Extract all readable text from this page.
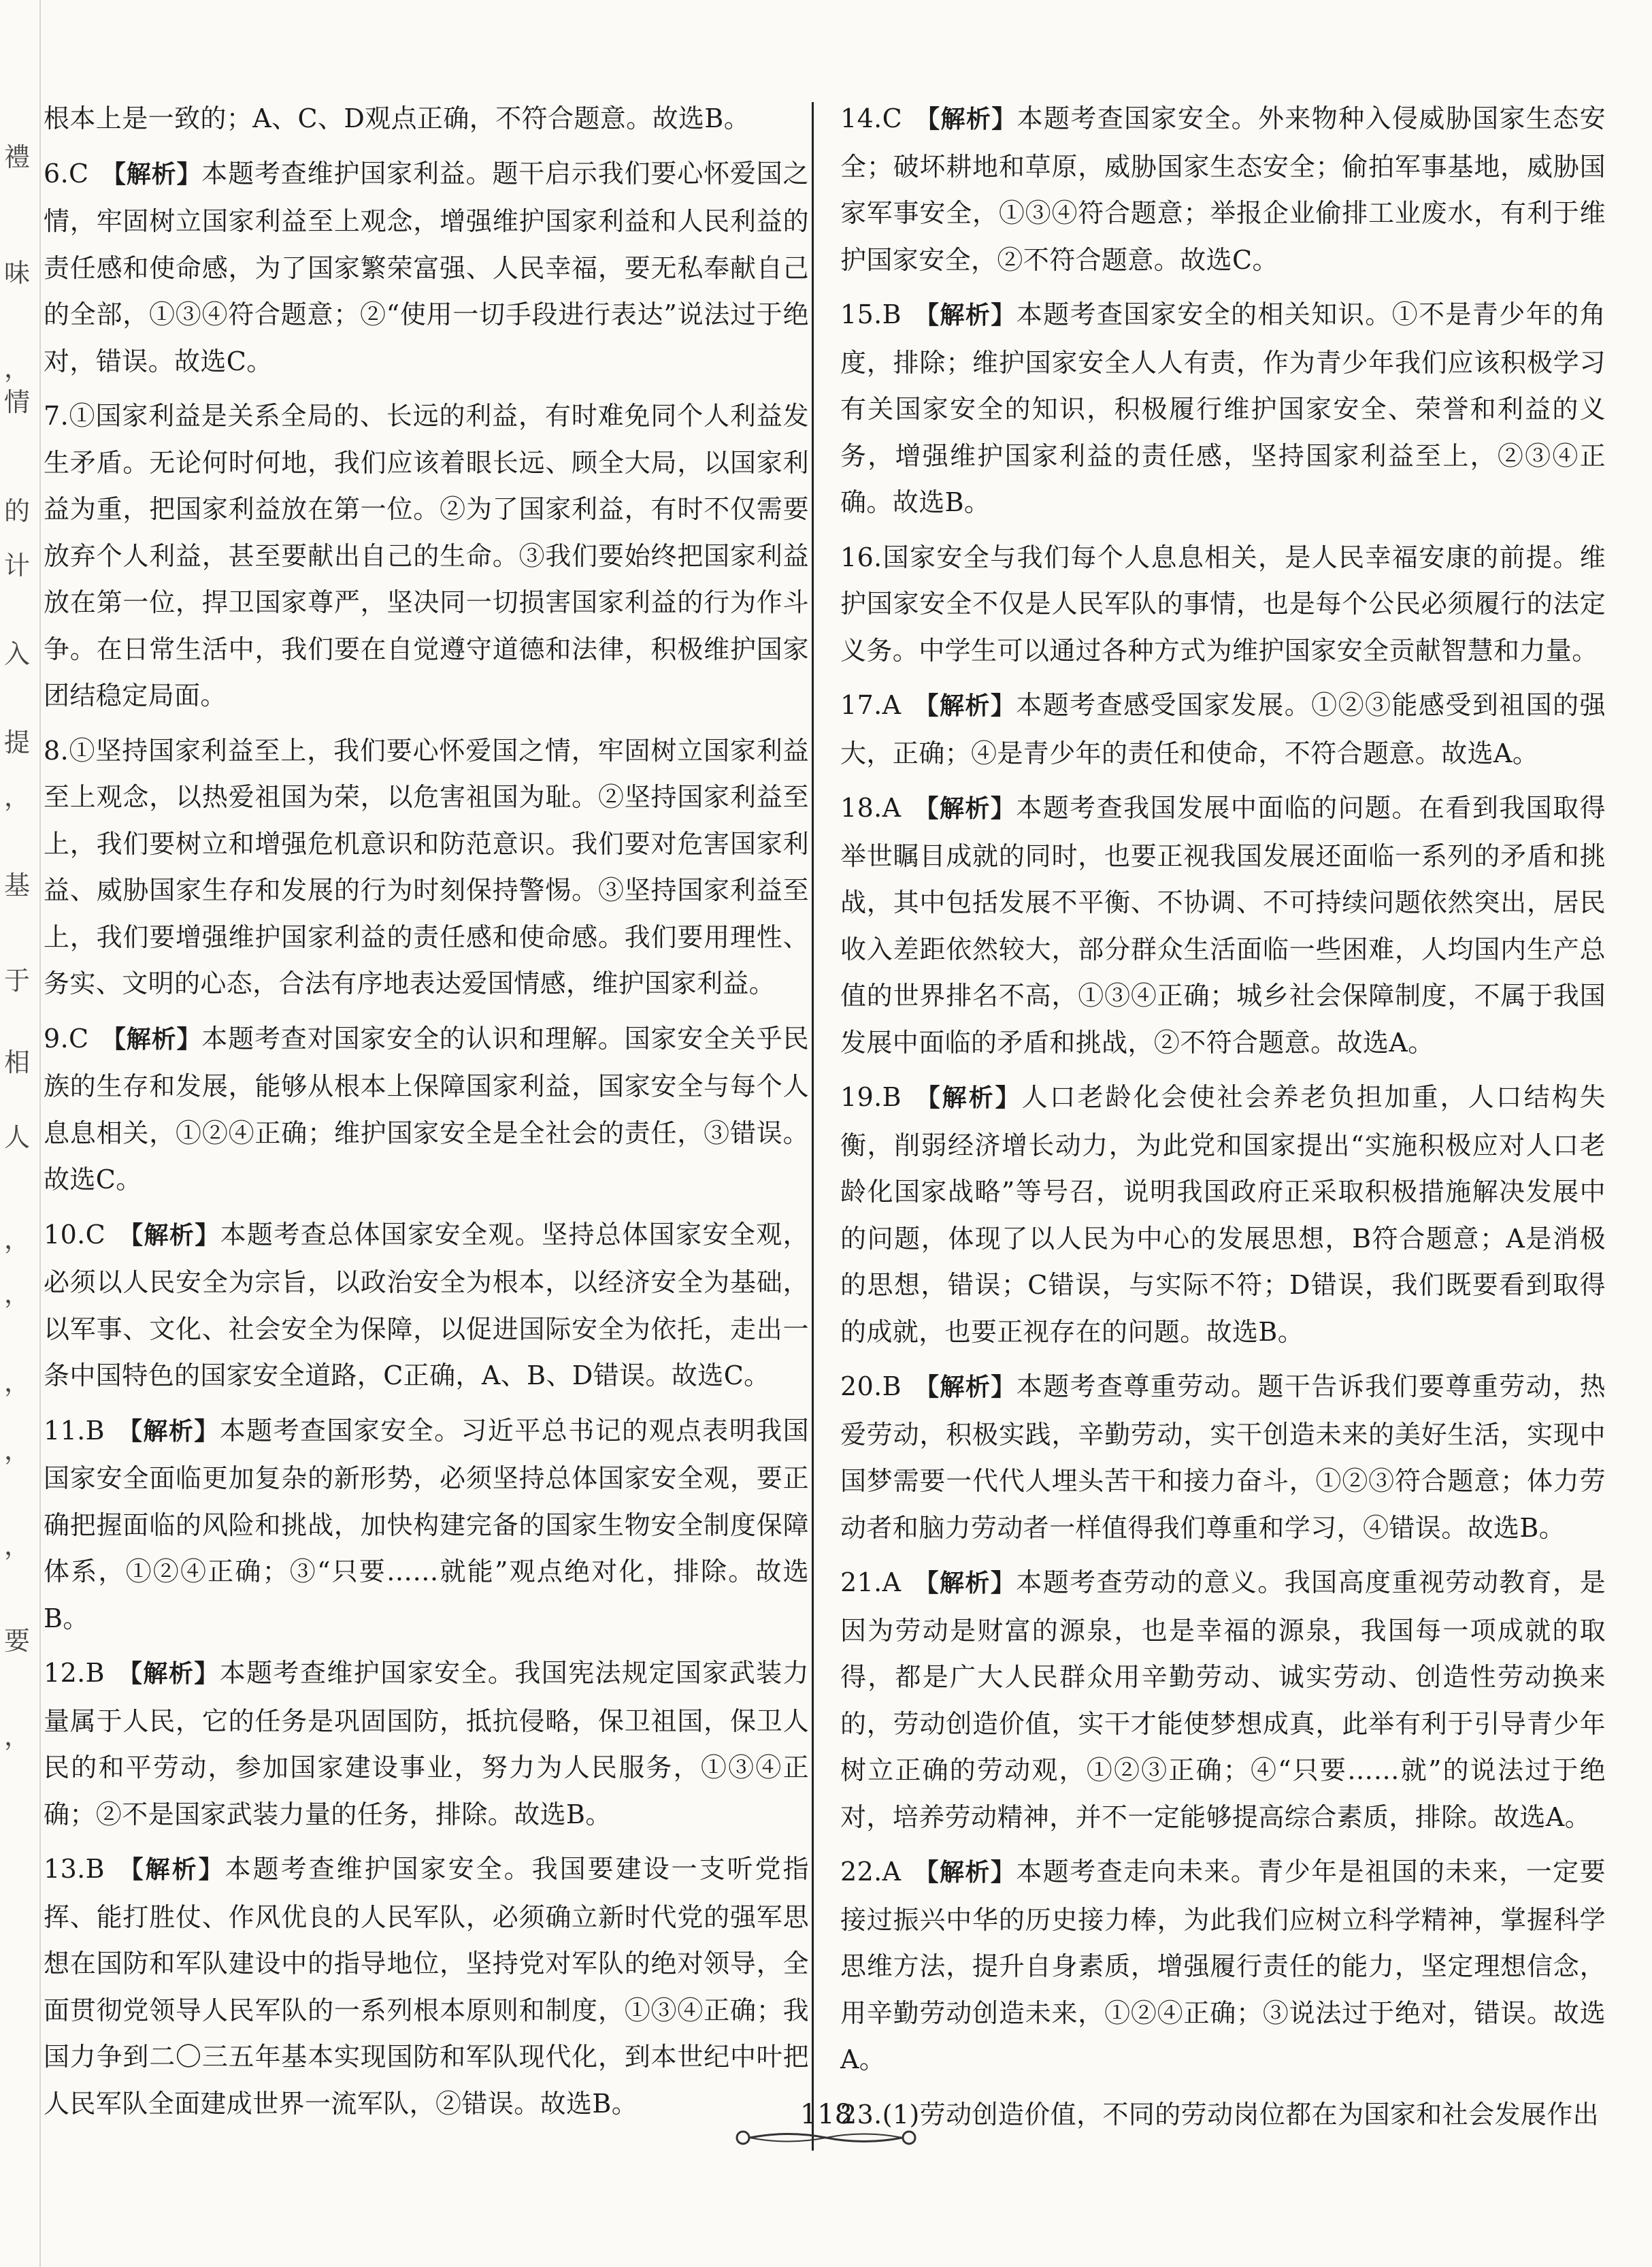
禮
味
，
情
的
计
入
提
，
基
于
相
人
，
，
，
，
，
要
，
根本上是一致的；A、C、D观点正确，不符合题意。故选B。
6.C 【解析】本题考查维护国家利益。题干启示我们要心怀爱国之情，牢固树立国家利益至上观念，增强维护国家利益和人民利益的责任感和使命感，为了国家繁荣富强、人民幸福，要无私奉献自己的全部，①③④符合题意；②“使用一切手段进行表达”说法过于绝对，错误。故选C。
7.①国家利益是关系全局的、长远的利益，有时难免同个人利益发生矛盾。无论何时何地，我们应该着眼长远、顾全大局，以国家利益为重，把国家利益放在第一位。②为了国家利益，有时不仅需要放弃个人利益，甚至要献出自己的生命。③我们要始终把国家利益放在第一位，捍卫国家尊严，坚决同一切损害国家利益的行为作斗争。在日常生活中，我们要在自觉遵守道德和法律，积极维护国家团结稳定局面。
8.①坚持国家利益至上，我们要心怀爱国之情，牢固树立国家利益至上观念，以热爱祖国为荣，以危害祖国为耻。②坚持国家利益至上，我们要树立和增强危机意识和防范意识。我们要对危害国家利益、威胁国家生存和发展的行为时刻保持警惕。③坚持国家利益至上，我们要增强维护国家利益的责任感和使命感。我们要用理性、务实、文明的心态，合法有序地表达爱国情感，维护国家利益。
9.C 【解析】本题考查对国家安全的认识和理解。国家安全关乎民族的生存和发展，能够从根本上保障国家利益，国家安全与每个人息息相关，①②④正确；维护国家安全是全社会的责任，③错误。故选C。
10.C 【解析】本题考查总体国家安全观。坚持总体国家安全观，必须以人民安全为宗旨，以政治安全为根本，以经济安全为基础，以军事、文化、社会安全为保障，以促进国际安全为依托，走出一条中国特色的国家安全道路，C正确，A、B、D错误。故选C。
11.B 【解析】本题考查国家安全。习近平总书记的观点表明我国国家安全面临更加复杂的新形势，必须坚持总体国家安全观，要正确把握面临的风险和挑战，加快构建完备的国家生物安全制度保障体系，①②④正确；③“只要……就能”观点绝对化，排除。故选B。
12.B 【解析】本题考查维护国家安全。我国宪法规定国家武装力量属于人民，它的任务是巩固国防，抵抗侵略，保卫祖国，保卫人民的和平劳动，参加国家建设事业，努力为人民服务，①③④正确；②不是国家武装力量的任务，排除。故选B。
13.B 【解析】本题考查维护国家安全。我国要建设一支听党指挥、能打胜仗、作风优良的人民军队，必须确立新时代党的强军思想在国防和军队建设中的指导地位，坚持党对军队的绝对领导，全面贯彻党领导人民军队的一系列根本原则和制度，①③④正确；我国力争到二〇三五年基本实现国防和军队现代化，到本世纪中叶把人民军队全面建成世界一流军队，②错误。故选B。
14.C 【解析】本题考查国家安全。外来物种入侵威胁国家生态安全；破坏耕地和草原，威胁国家生态安全；偷拍军事基地，威胁国家军事安全，①③④符合题意；举报企业偷排工业废水，有利于维护国家安全，②不符合题意。故选C。
15.B 【解析】本题考查国家安全的相关知识。①不是青少年的角度，排除；维护国家安全人人有责，作为青少年我们应该积极学习有关国家安全的知识，积极履行维护国家安全、荣誉和利益的义务，增强维护国家利益的责任感，坚持国家利益至上，②③④正确。故选B。
16.国家安全与我们每个人息息相关，是人民幸福安康的前提。维护国家安全不仅是人民军队的事情，也是每个公民必须履行的法定义务。中学生可以通过各种方式为维护国家安全贡献智慧和力量。
17.A 【解析】本题考查感受国家发展。①②③能感受到祖国的强大，正确；④是青少年的责任和使命，不符合题意。故选A。
18.A 【解析】本题考查我国发展中面临的问题。在看到我国取得举世瞩目成就的同时，也要正视我国发展还面临一系列的矛盾和挑战，其中包括发展不平衡、不协调、不可持续问题依然突出，居民收入差距依然较大，部分群众生活面临一些困难，人均国内生产总值的世界排名不高，①③④正确；城乡社会保障制度，不属于我国发展中面临的矛盾和挑战，②不符合题意。故选A。
19.B 【解析】人口老龄化会使社会养老负担加重，人口结构失衡，削弱经济增长动力，为此党和国家提出“实施积极应对人口老龄化国家战略”等号召，说明我国政府正采取积极措施解决发展中的问题，体现了以人民为中心的发展思想，B符合题意；A是消极的思想，错误；C错误，与实际不符；D错误，我们既要看到取得的成就，也要正视存在的问题。故选B。
20.B 【解析】本题考查尊重劳动。题干告诉我们要尊重劳动，热爱劳动，积极实践，辛勤劳动，实干创造未来的美好生活，实现中国梦需要一代代人埋头苦干和接力奋斗，①②③符合题意；体力劳动者和脑力劳动者一样值得我们尊重和学习，④错误。故选B。
21.A 【解析】本题考查劳动的意义。我国高度重视劳动教育，是因为劳动是财富的源泉，也是幸福的源泉，我国每一项成就的取得，都是广大人民群众用辛勤劳动、诚实劳动、创造性劳动换来的，劳动创造价值，实干才能使梦想成真，此举有利于引导青少年树立正确的劳动观，①②③正确；④“只要……就”的说法过于绝对，培养劳动精神，并不一定能够提高综合素质，排除。故选A。
22.A 【解析】本题考查走向未来。青少年是祖国的未来，一定要接过振兴中华的历史接力棒，为此我们应树立科学精神，掌握科学思维方法，提升自身素质，增强履行责任的能力，坚定理想信念，用辛勤劳动创造未来，①②④正确；③说法过于绝对，错误。故选A。
23.(1)劳动创造价值，不同的劳动岗位都在为国家和社会发展作出
118
